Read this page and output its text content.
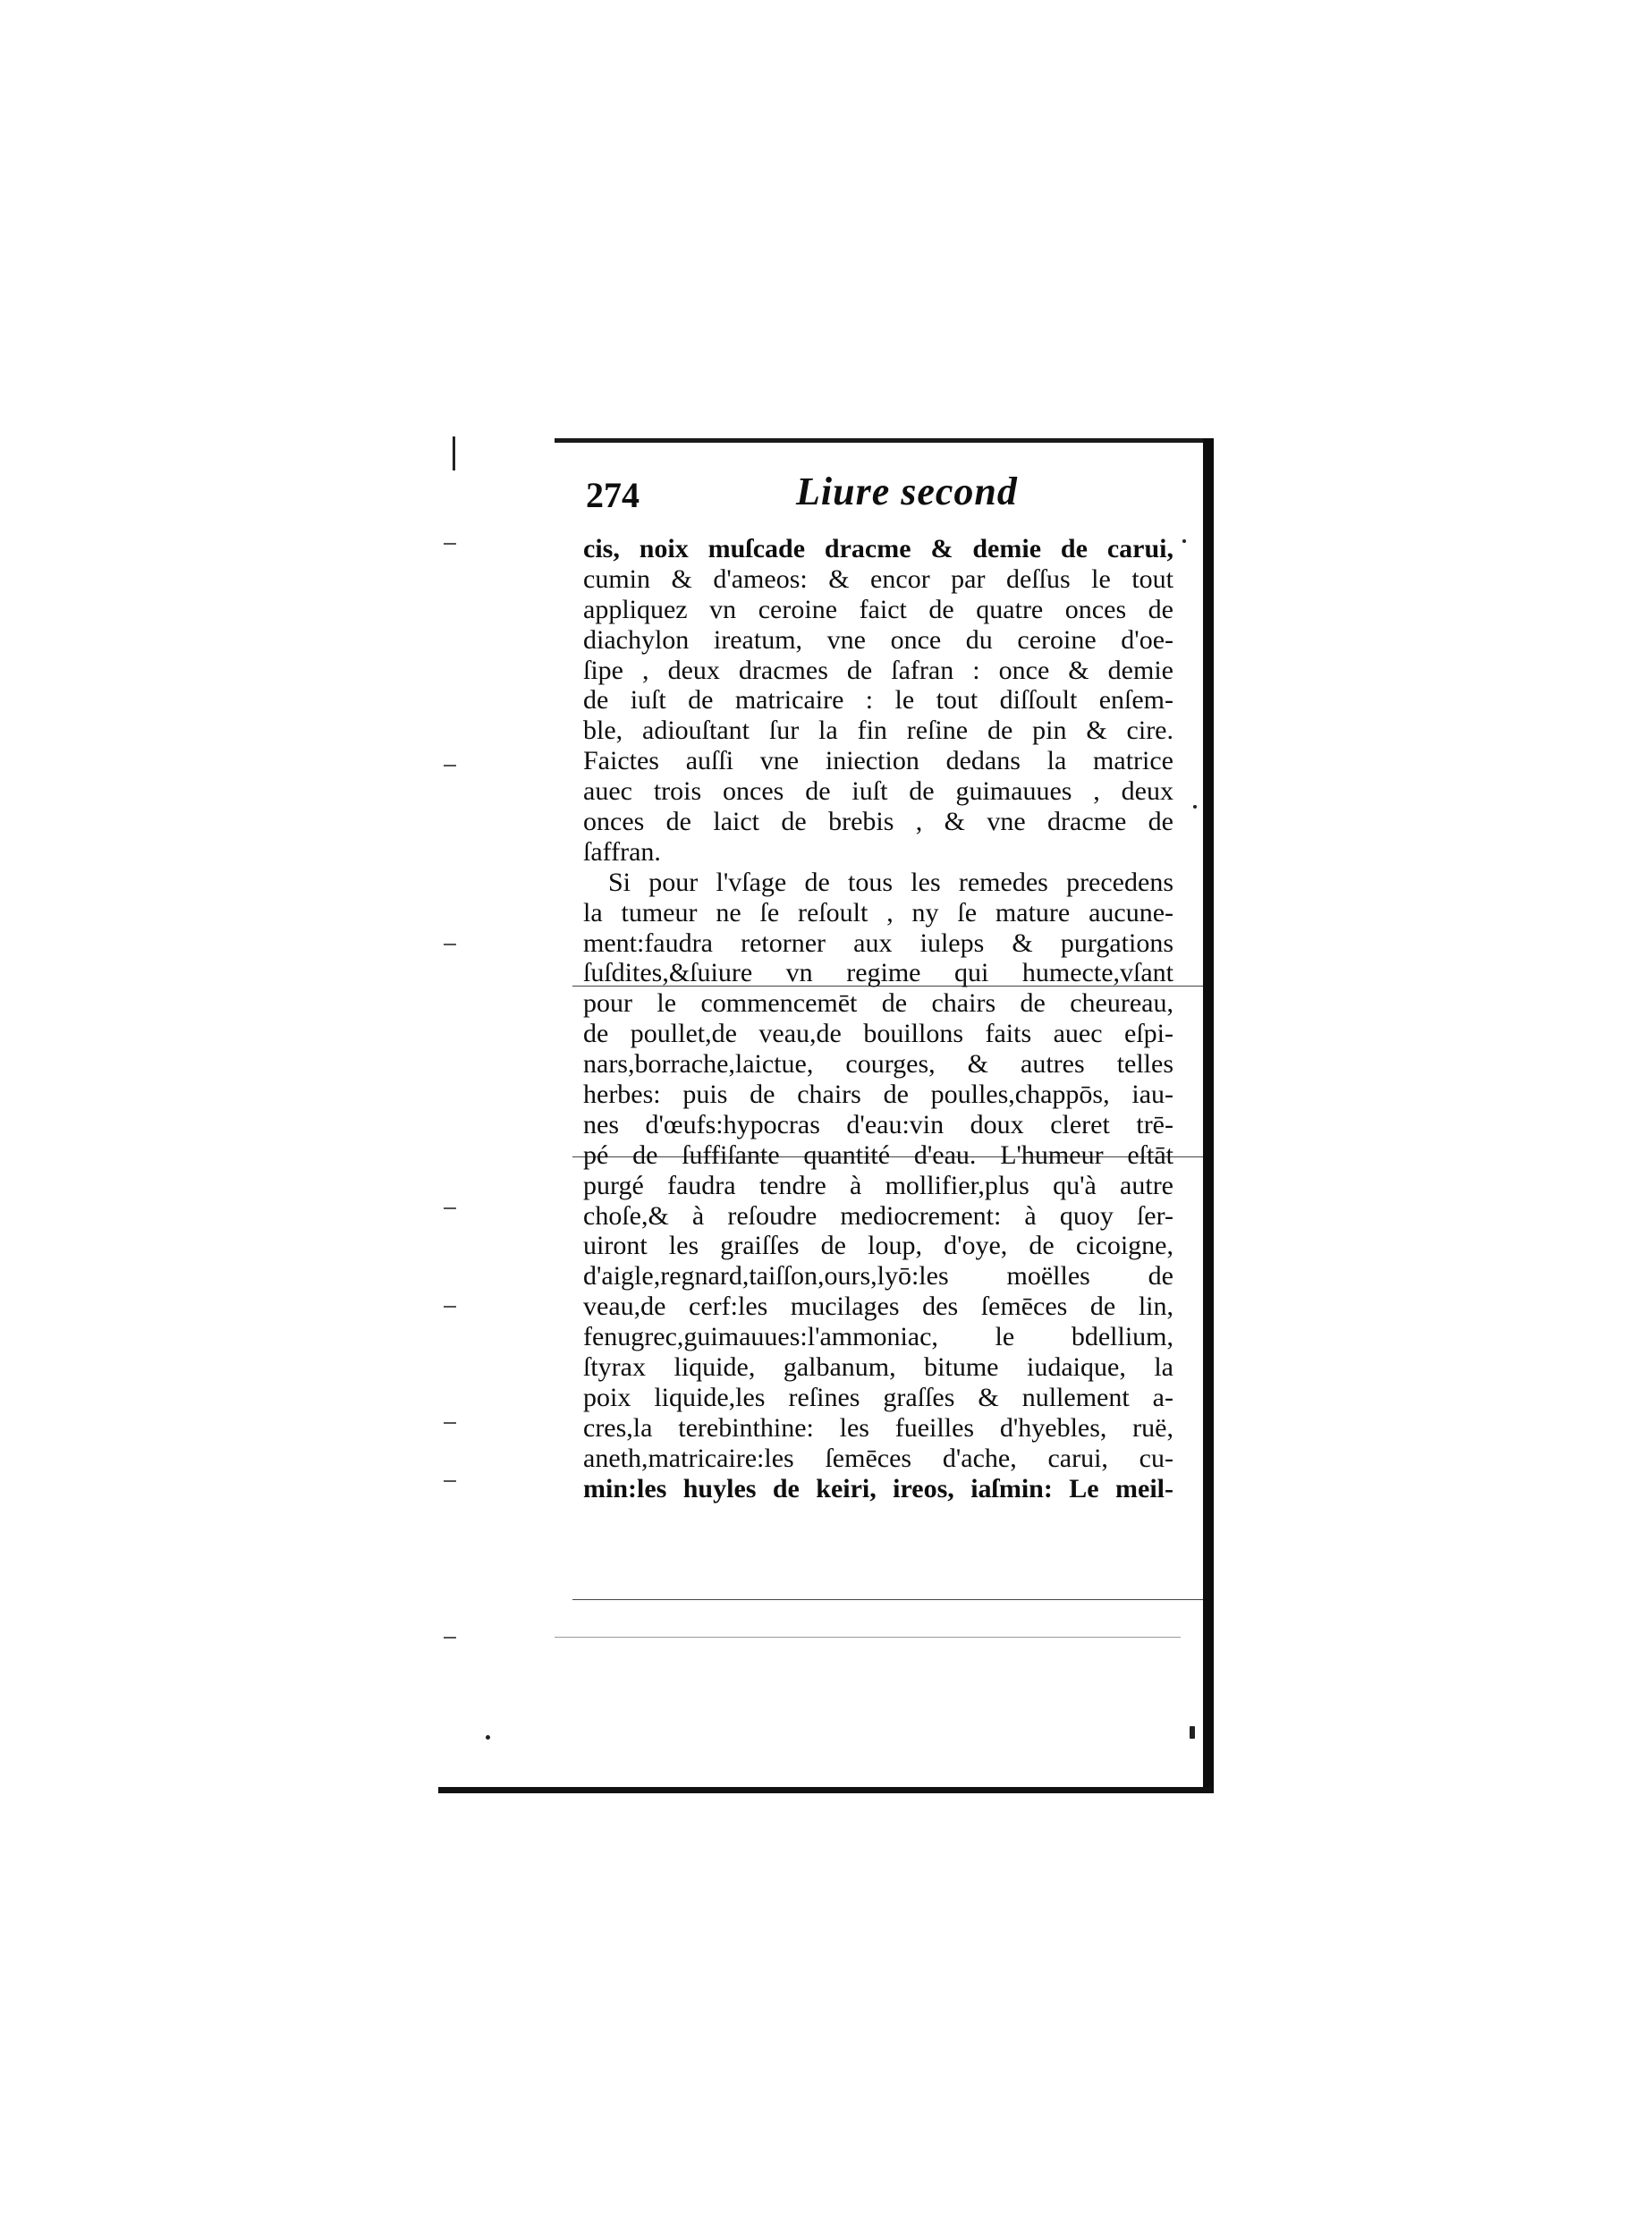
274	Liure second
cis, noix muſcade dracme & demie de carui,
cumin & d'ameos: & encor par deſſus le tout
appliquez vn ceroine faict de quatre onces de
diachylon ireatum, vne once du ceroine d'oe-
ſipe , deux dracmes de ſafran : once & demie
de iuſt de matricaire : le tout diſſoult enſem-
ble, adiouſtant ſur la fin reſine de pin & cire.
Faictes auſſi vne iniection dedans la matrice
auec trois onces de iuſt de guimauues , deux
onces de laict de brebis , & vne dracme de
ſaffran.
Si pour l'vſage de tous les remedes precedens
la tumeur ne ſe reſoult , ny ſe mature aucune-
ment:faudra retorner aux iuleps & purgations
ſuſdites,&ſuiure vn regime qui humecte,vſant
pour le commencemēt de chairs de cheureau,
de poullet,de veau,de bouillons faits auec eſpi-
nars,borrache,laictue, courges, & autres telles
herbes: puis de chairs de poulles,chappōs, iau-
nes d'œufs:hypocras d'eau:vin doux cleret trē-
pé de ſuffiſante quantité d'eau. L'humeur eſtāt
purgé faudra tendre à mollifier,plus qu'à autre
choſe,& à reſoudre mediocrement: à quoy ſer-
uiront les graiſſes de loup, d'oye, de cicoigne,
d'aigle,regnard,taiſſon,ours,lyō:les moëlles de
veau,de cerf:les mucilages des ſemēces de lin,
fenugrec,guimauues:l'ammoniac, le bdellium,
ſtyrax liquide, galbanum, bitume iudaique, la
poix liquide,les reſines graſſes & nullement a-
cres,la terebinthine: les fueilles d'hyebles, ruë,
aneth,matricaire:les ſemēces d'ache, carui, cu-
min:les huyles de keiri, ireos, iaſmin: Le meil-
